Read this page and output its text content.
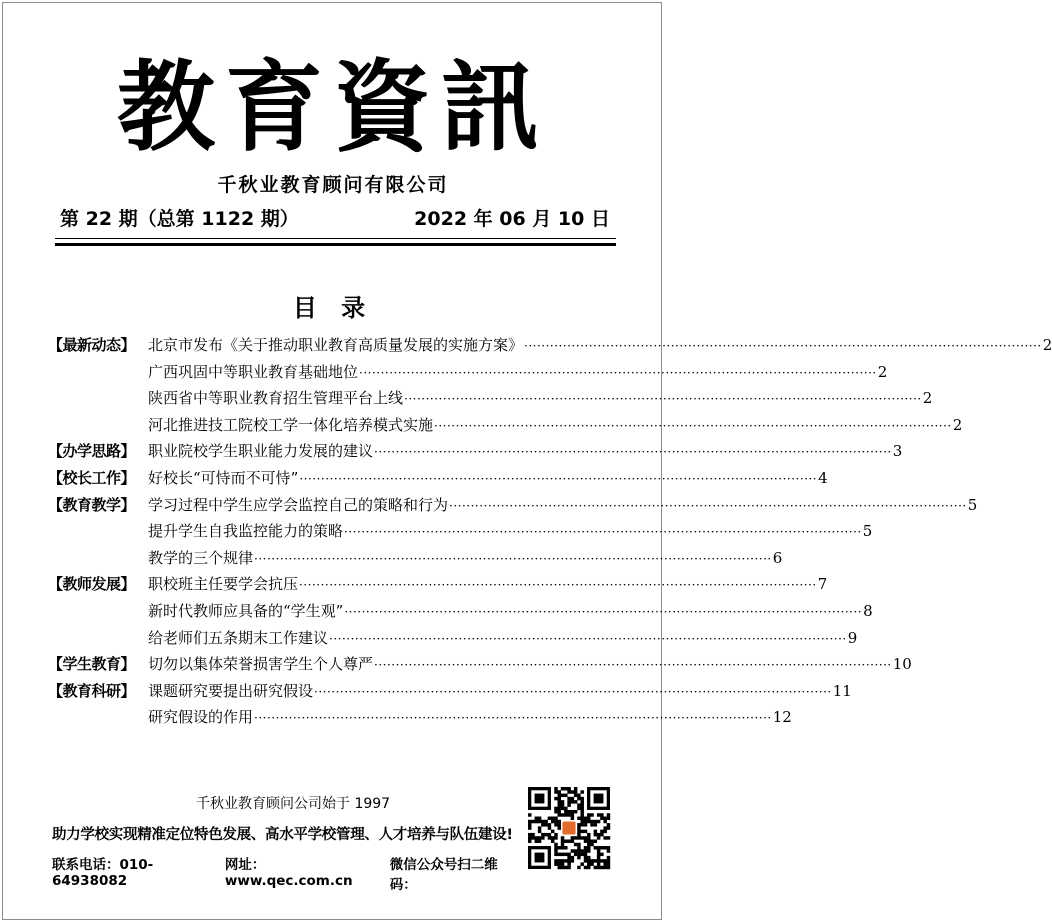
教育資訊
千秋业教育顾问有限公司
第 22 期（总第 1122 期）	2022 年 06 月 10 日
目 录
【最新动态】 北京市发布《关于推动职业教育高质量发展的实施方案》 ························································································································ 2
广西巩固中等职业教育基础地位 ························································································································ 2
陕西省中等职业教育招生管理平台上线 ························································································································ 2
河北推进技工院校工学一体化培养模式实施 ························································································································ 2
【办学思路】 职业院校学生职业能力发展的建议 ························································································································ 3
【校长工作】 好校长“可恃而不可恃” ························································································································ 4
【教育教学】 学习过程中学生应学会监控自己的策略和行为 ························································································································ 5
提升学生自我监控能力的策略 ························································································································ 5
教学的三个规律 ························································································································ 6
【教师发展】 职校班主任要学会抗压 ························································································································ 7
新时代教师应具备的“学生观” ························································································································ 8
给老师们五条期末工作建议 ························································································································ 9
【学生教育】 切勿以集体荣誉损害学生个人尊严 ························································································································ 10
【教育科研】 课题研究要提出研究假设 ························································································································ 11
研究假设的作用 ························································································································ 12
千秋业教育顾问公司始于 1997
助力学校实现精准定位特色发展、高水平学校管理、人才培养与队伍建设!
联系电话：010-64938082
网址：www.qec.com.cn
微信公众号扫二维码：
